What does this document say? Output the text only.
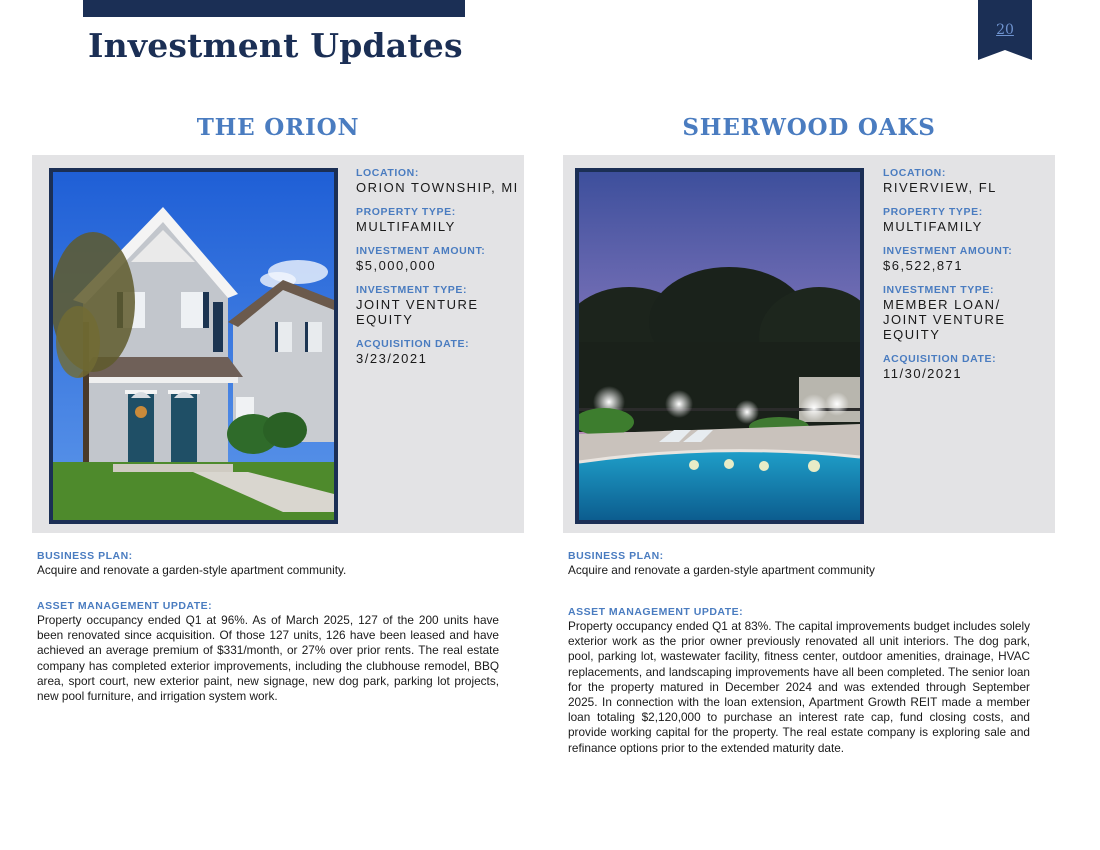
Investment Updates	20
THE ORION
LOCATION:
ORION TOWNSHIP, MI
PROPERTY TYPE:
MULTIFAMILY
INVESTMENT AMOUNT:
$5,000,000
INVESTMENT TYPE:
JOINT VENTURE EQUITY
ACQUISITION DATE:
3/23/2021
BUSINESS PLAN:
Acquire and renovate a garden-style apartment community.
ASSET MANAGEMENT UPDATE:
Property occupancy ended Q1 at 96%. As of March 2025, 127 of the 200 units have been renovated since acquisition. Of those 127 units, 126 have been leased and have achieved an average premium of $331/month, or 27% over prior rents. The real estate company has completed exterior improvements, including the clubhouse remodel, BBQ area, sport court, new exterior paint, new signage, new dog park, parking lot projects, new pool furniture, and irrigation system work.
SHERWOOD OAKS
LOCATION:
RIVERVIEW, FL
PROPERTY TYPE:
MULTIFAMILY
INVESTMENT AMOUNT:
$6,522,871
INVESTMENT TYPE:
MEMBER LOAN/ JOINT VENTURE EQUITY
ACQUISITION DATE:
11/30/2021
BUSINESS PLAN:
Acquire and renovate a garden-style apartment community
ASSET MANAGEMENT UPDATE:
Property occupancy ended Q1 at 83%. The capital improvements budget includes solely exterior work as the prior owner previously renovated all unit interiors. The dog park, pool, parking lot, wastewater facility, fitness center, outdoor amenities, drainage, HVAC replacements, and landscaping improvements have all been completed. The senior loan for the property matured in December 2024 and was extended through September 2025. In connection with the loan extension, Apartment Growth REIT made a member loan totaling $2,120,000 to purchase an interest rate cap, fund closing costs, and provide working capital for the property. The real estate company is exploring sale and refinance options prior to the extended maturity date.
